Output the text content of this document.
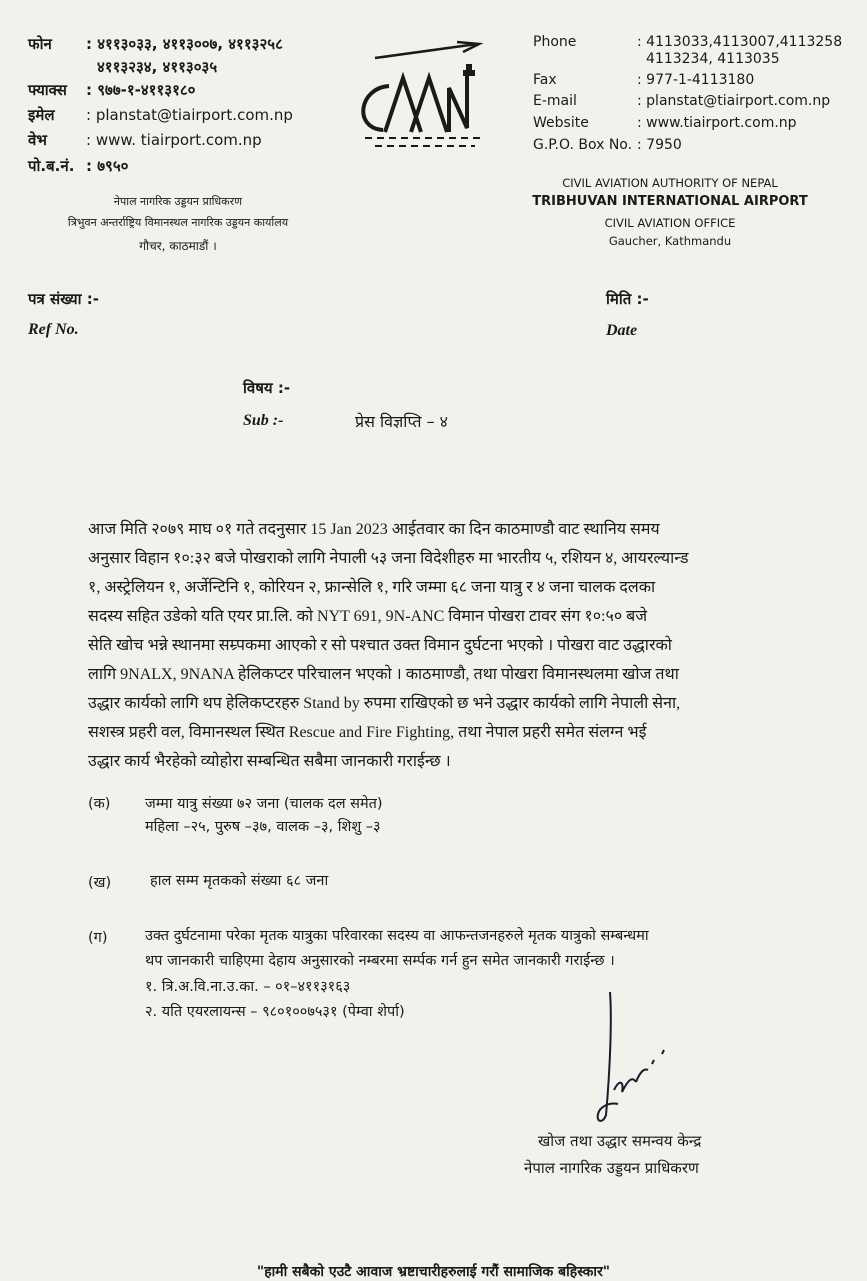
फोन : ४११३०३३, ४११३००७, ४११३२५८
४११३२३४, ४११३०३५
फ्याक्स : ९७७-१-४११३१८०
इमेल : planstat@tiairport.com.np
वेभ	: www. tiairport.com.np
पो.ब.नं. : ७९५०
नेपाल नागरिक उड्डयन प्राधिकरण
त्रिभुवन अन्तर्राष्ट्रिय विमानस्थल नागरिक उड्डयन कार्यालय
गौचर, काठमाडौं ।
Phone	: 4113033,4113007,4113258
4113234, 4113035
Fax	: 977-1-4113180
E-mail	: planstat@tiairport.com.np
Website	: www.tiairport.com.np
G.P.O. Box No. : 7950
CIVIL AVIATION AUTHORITY OF NEPAL
TRIBHUVAN INTERNATIONAL AIRPORT
CIVIL AVIATION OFFICE
Gaucher, Kathmandu
पत्र संख्या :-
Ref No.
मिति :-
Date
विषय :-
Sub :-	प्रेस विज्ञप्ति – ४
आज मिति २०७९ माघ ०१ गते तदनुसार 15 Jan 2023 आईतवार का दिन काठमाण्डौ वाट स्थानिय समय
अनुसार विहान १०:३२ बजे पोखराको लागि नेपाली ५३ जना विदेशीहरु मा भारतीय ५, रशियन ४, आयरल्यान्ड
१, अस्ट्रेलियन १, अर्जेन्टिनि १, कोरियन २, फ्रान्सेलि १, गरि जम्मा ६८ जना यात्रु र ४ जना चालक दलका
सदस्य सहित उडेको यति एयर प्रा.लि. को NYT 691, 9N-ANC विमान पोखरा टावर संग १०:५० बजे
सेति खोच भन्ने स्थानमा सम्र्पकमा आएको र सो पश्चात उक्त विमान दुर्घटना भएको । पोखरा वाट उद्धारको
लागि 9NALX, 9NANA हेलिकप्टर परिचालन भएको । काठमाण्डौ, तथा पोखरा विमानस्थलमा खोज तथा
उद्धार कार्यको लागि थप हेलिकप्टरहरु Stand by रुपमा राखिएको छ भने उद्धार कार्यको लागि नेपाली सेना,
सशस्त्र प्रहरी वल, विमानस्थल स्थित Rescue and Fire Fighting, तथा नेपाल प्रहरी समेत संलग्न भई
उद्धार कार्य भैरहेको व्योहोरा सम्बन्धित सबैमा जानकारी गराईन्छ ।
(क) जम्मा यात्रु संख्या ७२ जना (चालक दल समेत)
महिला –२५, पुरुष –३७, वालक –३, शिशु –३
(ख)	हाल सम्म मृतकको संख्या ६८ जना
(ग)	उक्त दुर्घटनामा परेका मृतक यात्रुका परिवारका सदस्य वा आफन्तजनहरुले मृतक यात्रुको सम्बन्धमा
थप जानकारी चाहिएमा देहाय अनुसारको नम्बरमा सर्म्पक गर्न हुन समेत जानकारी गराईन्छ ।
१. त्रि.अ.वि.ना.उ.का. – ०१–४११३१६३
२. यति एयरलायन्स – ९८०१००७५३१ (पेम्वा शेर्पा)
खोज तथा उद्धार समन्वय केन्द्र
नेपाल नागरिक उड्डयन प्राधिकरण
"हामी सबैको एउटै आवाज भ्रष्टाचारीहरुलाई गरौं सामाजिक बहिस्कार"
